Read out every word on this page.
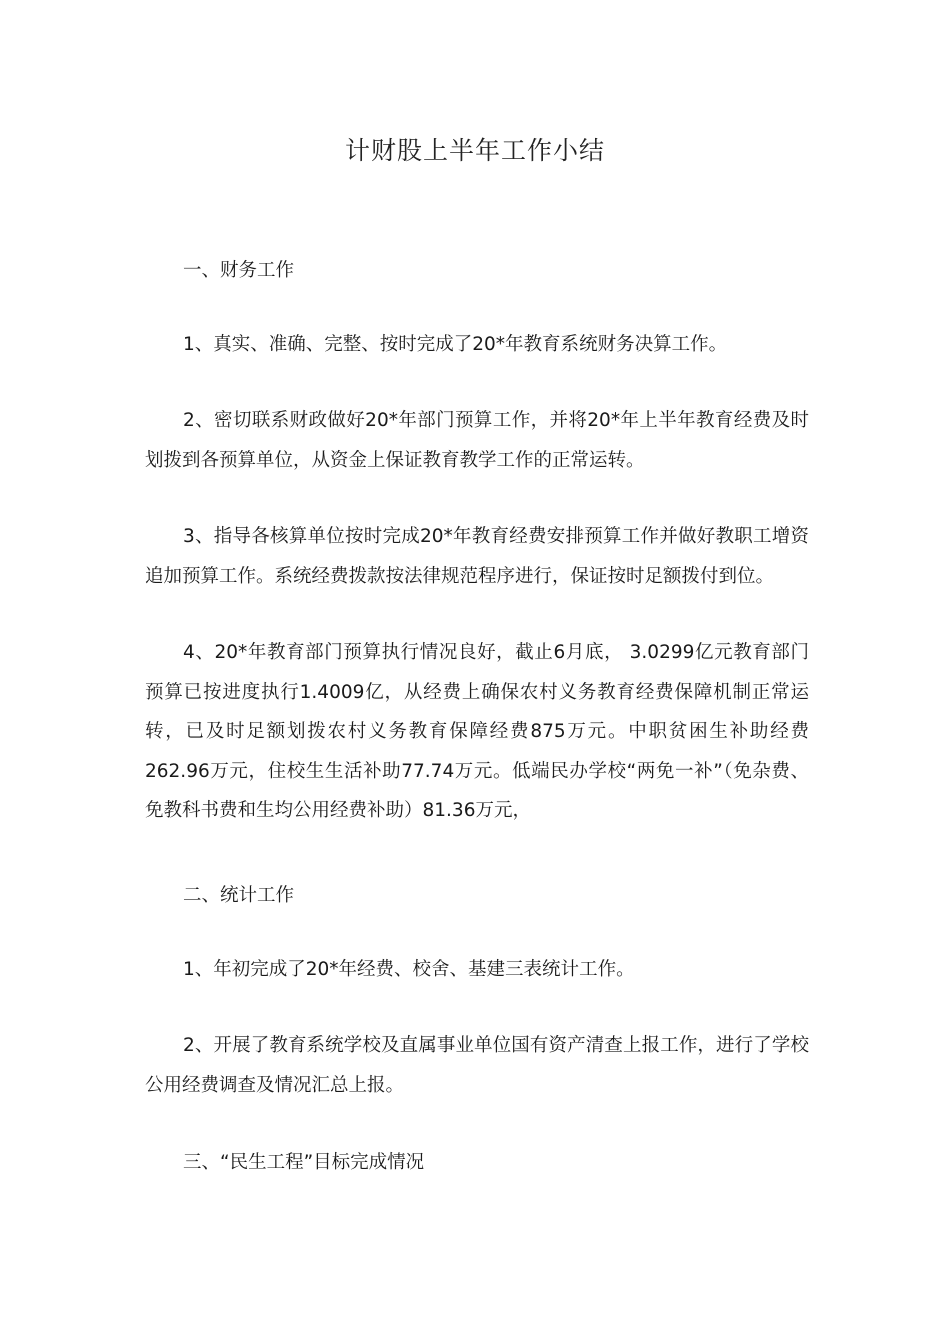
计财股上半年工作小结

一、财务工作

1、真实、准确、完整、按时完成了20*年教育系统财务决算工作。

2、密切联系财政做好20*年部门预算工作，并将20*年上半年教育经费及时划拨到各预算单位，从资金上保证教育教学工作的正常运转。

3、指导各核算单位按时完成20*年教育经费安排预算工作并做好教职工增资追加预算工作。系统经费拨款按法律规范程序进行，保证按时足额拨付到位。

4、20*年教育部门预算执行情况良好，截止6月底， 3.0299亿元教育部门预算已按进度执行1.4009亿，从经费上确保农村义务教育经费保障机制正常运转，已及时足额划拨农村义务教育保障经费875万元。中职贫困生补助经费262.96万元，住校生生活补助77.74万元。低端民办学校“两免一补”（免杂费、免教科书费和生均公用经费补助）81.36万元，

二、统计工作

1、年初完成了20*年经费、校舍、基建三表统计工作。

2、开展了教育系统学校及直属事业单位国有资产清查上报工作，进行了学校公用经费调查及情况汇总上报。

三、“民生工程”目标完成情况
